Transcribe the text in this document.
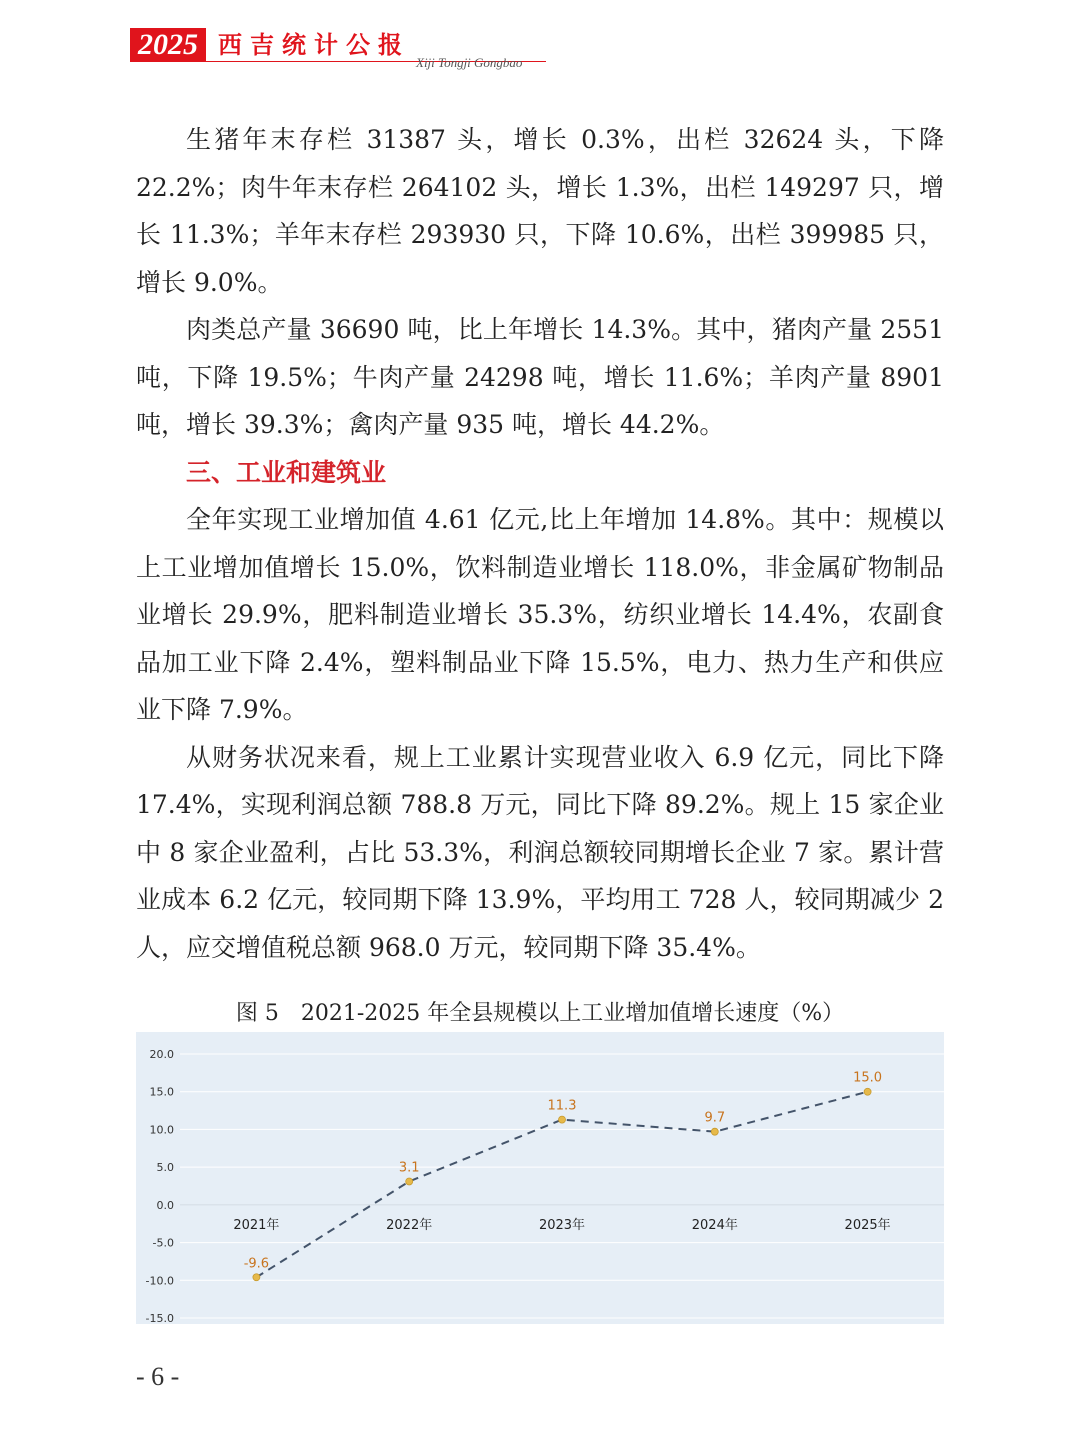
2025 西吉统计公报
Xiji Tongji Gongbao

生猪年末存栏 31387 头，增长 0.3%，出栏 32624 头，下降 22.2%；肉牛年末存栏 264102 头，增长 1.3%，出栏 149297 只，增长 11.3%；羊年末存栏 293930 只，下降 10.6%，出栏 399985 只，增长 9.0%。

肉类总产量 36690 吨，比上年增长 14.3%。其中，猪肉产量 2551 吨，下降 19.5%；牛肉产量 24298 吨，增长 11.6%；羊肉产量 8901 吨，增长 39.3%；禽肉产量 935 吨，增长 44.2%。

三、工业和建筑业

全年实现工业增加值 4.61 亿元,比上年增加 14.8%。其中：规模以上工业增加值增长 15.0%，饮料制造业增长 118.0%，非金属矿物制品业增长 29.9%，肥料制造业增长 35.3%，纺织业增长 14.4%，农副食品加工业下降 2.4%，塑料制品业下降 15.5%，电力、热力生产和供应业下降 7.9%。

从财务状况来看，规上工业累计实现营业收入 6.9 亿元，同比下降 17.4%，实现利润总额 788.8 万元，同比下降 89.2%。规上 15 家企业中 8 家企业盈利，占比 53.3%，利润总额较同期增长企业 7 家。累计营业成本 6.2 亿元，较同期下降 13.9%，平均用工 728 人，较同期减少 2 人，应交增值税总额 968.0 万元，较同期下降 35.4%。

图 5　2021-2025 年全县规模以上工业增加值增长速度（%）
20.0
15.0
10.0
5.0
0.0
-5.0
-10.0
-15.0
2021年	2022年	2023年	2024年	2025年
-9.6
3.1
11.3
9.7
15.0
- 6 -
